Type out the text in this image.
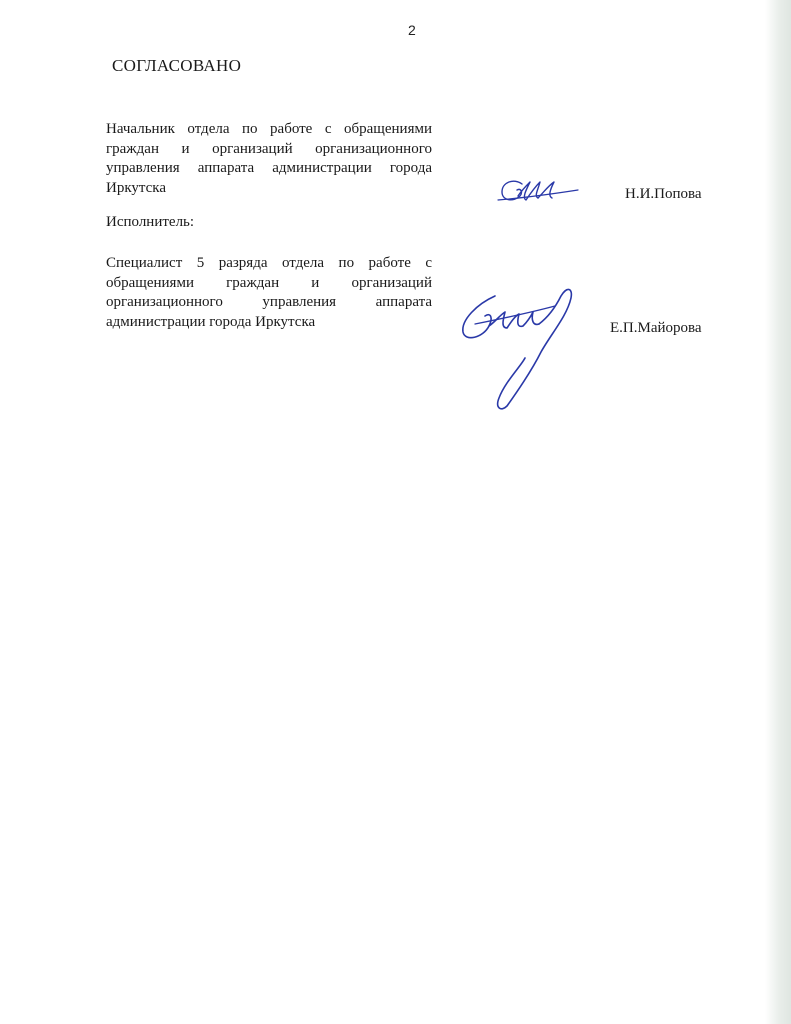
2
СОГЛАСОВАНО
Начальник отдела по работе с обращениями граждан и организаций организационного управления аппарата администрации города Иркутска	Н.И.Попова
Исполнитель:
Специалист 5 разряда отдела по работе с обращениями граждан и организаций организационного управления аппарата администрации города Иркутска	Е.П.Майорова
